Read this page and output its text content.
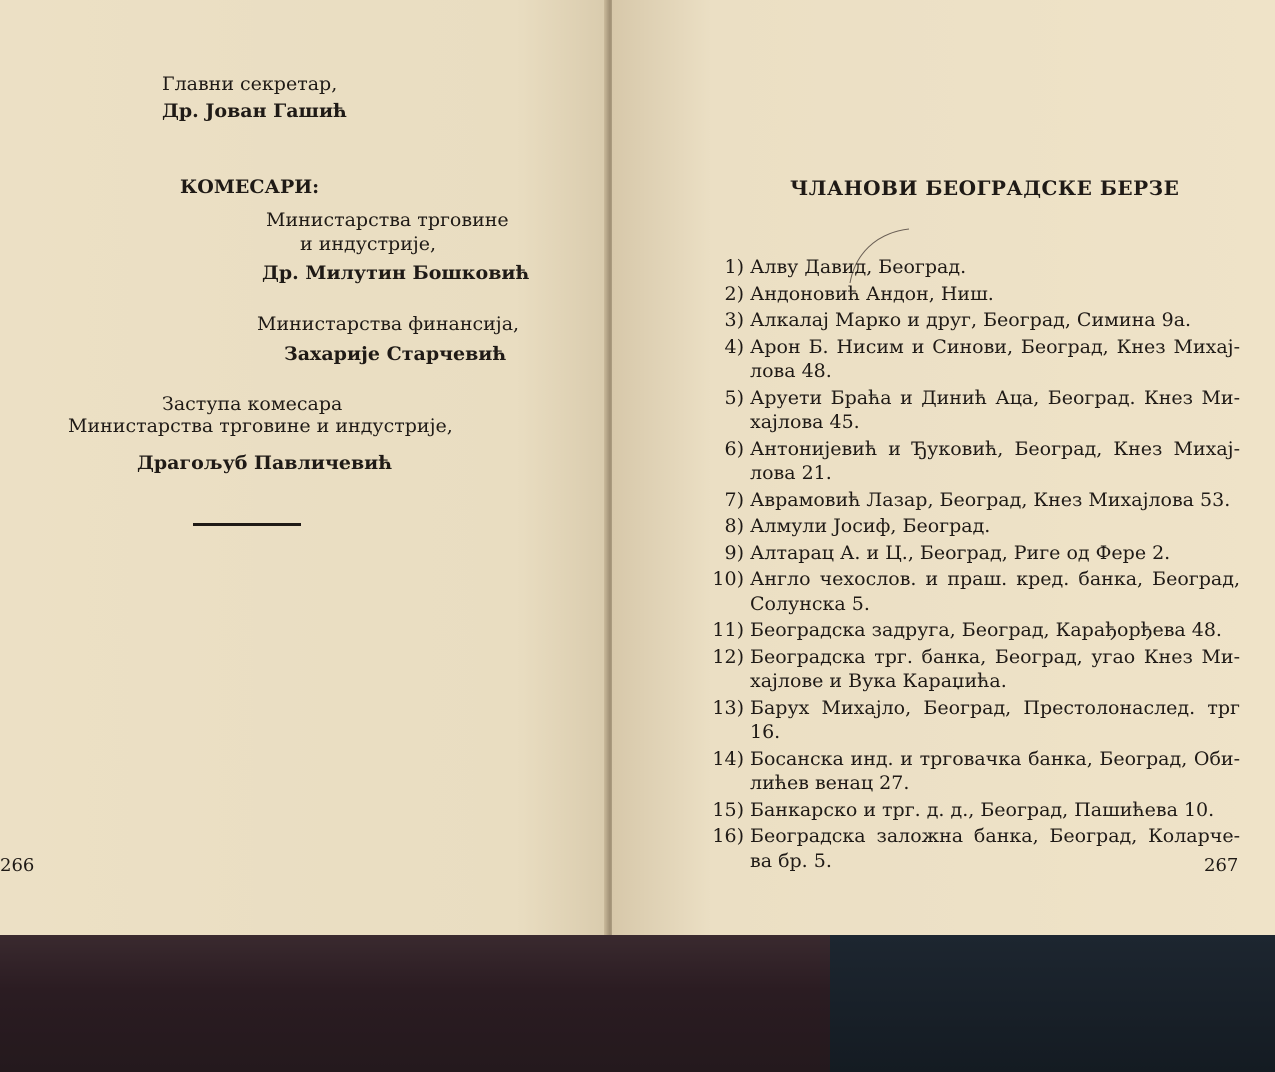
Главни секретар,
Др. Јован Гашић
КОМЕСАРИ:
Министарства трговине
и индустрије,
Др. Милутин Бошковић
Министарства финансија,
Захарије Старчевић
Заступа комесара
Министарства трговине и индустрије,
Драгољуб Павличевић
266
ЧЛАНОВИ БЕОГРАДСКЕ БЕРЗЕ
1) Алву Давид, Београд.
2) Андоновић Андон, Ниш.
3) Алкалај Марко и друг, Београд, Симина 9а.
4) Арон Б. Нисим и Синови, Београд, Кнез Михај-лова 48.
5) Аруети Браћа и Динић Аца, Београд. Кнез Ми-хајлова 45.
6) Антонијевић и Ђуковић, Београд, Кнез Михај-лова 21.
7) Аврамовић Лазар, Београд, Кнез Михајлова 53.
8) Алмули Јосиф, Београд.
9) Алтарац А. и Ц., Београд, Риге од Фере 2.
10) Англо чехослов. и праш. кред. банка, Београд, Солунска 5.
11) Београдска задруга, Београд, Карађорђева 48.
12) Београдска трг. банка, Београд, угао Кнез Ми-хајлове и Вука Караџића.
13) Барух Михајло, Београд, Престолонаслед. трг 16.
14) Босанска инд. и трговачка банка, Београд, Оби-лићев венац 27.
15) Банкарско и трг. д. д., Београд, Пашићева 10.
16) Београдска заложна банка, Београд, Коларче-ва бр. 5.	267
